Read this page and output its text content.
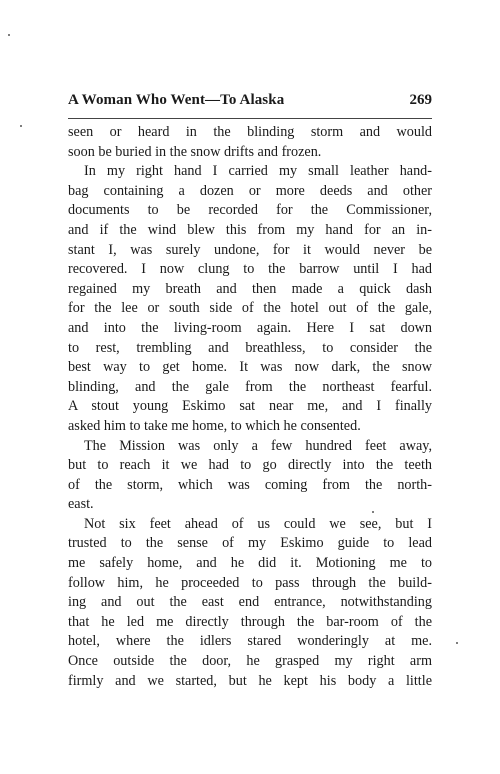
A Woman Who Went—To Alaska	269
seen or heard in the blinding storm and would
soon be buried in the snow drifts and frozen.
In my right hand I carried my small leather hand-
bag containing a dozen or more deeds and other
documents to be recorded for the Commissioner,
and if the wind blew this from my hand for an in-
stant I, was surely undone, for it would never be
recovered. I now clung to the barrow until I had
regained my breath and then made a quick dash
for the lee or south side of the hotel out of the gale,
and into the living-room again. Here I sat down
to rest, trembling and breathless, to consider the
best way to get home. It was now dark, the snow
blinding, and the gale from the northeast fearful.
A stout young Eskimo sat near me, and I finally
asked him to take me home, to which he consented.
The Mission was only a few hundred feet away,
but to reach it we had to go directly into the teeth
of the storm, which was coming from the north-
east.
Not six feet ahead of us could we see, but I
trusted to the sense of my Eskimo guide to lead
me safely home, and he did it. Motioning me to
follow him, he proceeded to pass through the build-
ing and out the east end entrance, notwithstanding
that he led me directly through the bar-room of the
hotel, where the idlers stared wonderingly at me.
Once outside the door, he grasped my right arm
firmly and we started, but he kept his body a little
